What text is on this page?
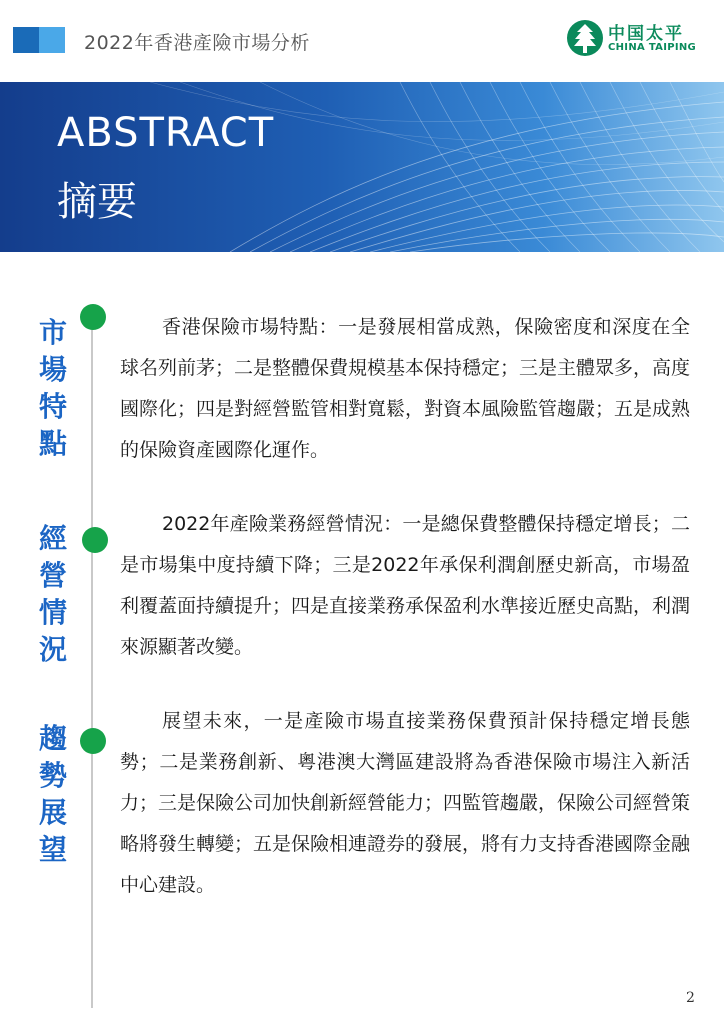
2022年香港產險市場分析	中国太平
CHINA TAIPING
ABSTRACT
摘要
市
場
特
點

香港保險市場特點：一是發展相當成熟，保險密度和深度在全球名列前茅；二是整體保費規模基本保持穩定；三是主體眾多，高度國際化；四是對經營監管相對寬鬆，對資本風險監管趨嚴；五是成熟的保險資產國際化運作。

經
營
情
況

2022年產險業務經營情況：一是總保費整體保持穩定增長；二是市場集中度持續下降；三是2022年承保利潤創歷史新高，市場盈利覆蓋面持續提升；四是直接業務承保盈利水準接近歷史高點，利潤來源顯著改變。

趨
勢
展
望

展望未來，一是產險市場直接業務保費預計保持穩定增長態勢；二是業務創新、粵港澳大灣區建設將為香港保險市場注入新活力；三是保險公司加快創新經營能力；四監管趨嚴，保險公司經營策略將發生轉變；五是保險相連證券的發展，將有力支持香港國際金融中心建設。

2
